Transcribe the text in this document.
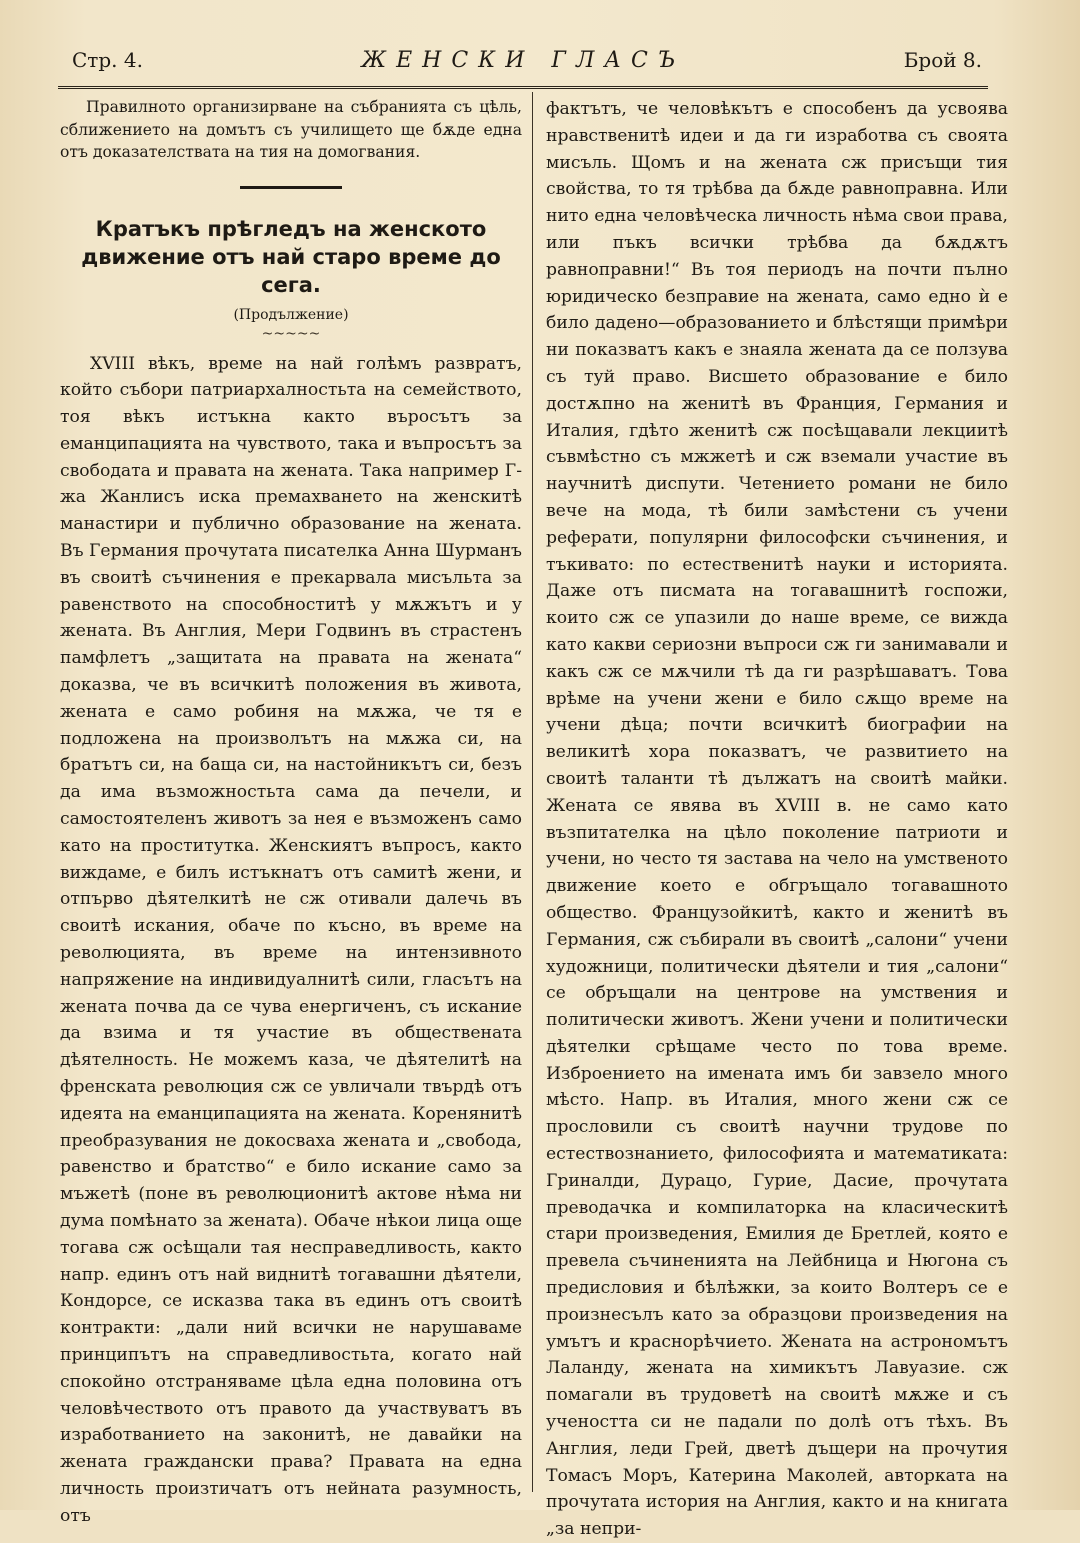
Стр. 4.	ЖЕНСКИ ГЛАСЪ	Брой 8.

Правилното организирване на събранията съ цѣль, сближението на домътъ съ училището ще бѫде една отъ доказателствата на тия на домогвания.

Кратъкъ прѣгледъ на женското движение отъ най старо време до сега.

(Продължение)

~~~~~

XVIII вѣкъ, време на най голѣмъ развратъ, който събори патриархалностьта на семейството, тоя вѣкъ истъкна както въросътъ за еманципацията на чувството, така и въпросътъ за свободата и правата на жената. Така например Г-жа Жанлисъ иска премахването на женскитѣ манастири и публично образование на жената. Въ Германия прочутата писателка Анна Шурманъ въ своитѣ съчинения е прекарвала мисъльта за равенството на способноститѣ у мѫжътъ и у жената. Въ Англия, Мери Годвинъ въ страстенъ памфлетъ „защитата на правата на жената“ доказва, че въ всичкитѣ положения въ живота, жената е само робиня на мѫжа, че тя е подложена на произволътъ на мѫжа си, на братътъ си, на баща си, на настойникътъ си, безъ да има възможностьта сама да печели, и самостоятеленъ животъ за нея е възможенъ само като на проститутка. Женскиятъ въпросъ, както виждаме, е билъ истъкнатъ отъ самитѣ жени, и отпърво дѣятелкитѣ не сж отивали далечь въ своитѣ искания, обаче по късно, въ време на революцията, въ време на интензивното напряжение на индивидуалнитѣ сили, гласътъ на жената почва да се чува енергиченъ, съ искание да взима и тя участие въ обществената дѣятелность. Не можемъ каза, че дѣятелитѣ на френската революция сж се увличали твърдѣ отъ идеята на еманципацията на жената. Коренянитѣ преобразувания не докосваха жената и „свобода, равенство и братство“ е било искание само за мъжетѣ (поне въ революционитѣ актове нѣма ни дума помѣнато за жената). Обаче нѣкои лица още тогава сж осѣщали тая несправедливость, както напр. единъ отъ най виднитѣ тогавашни дѣятели, Кондорсе, се исказва така въ единъ отъ своитѣ контракти: „дали ний всички не нарушаваме принципътъ на справедливостьта, когато най спокойно отстраняваме цѣла една половина отъ человѣчеството отъ правото да участвуватъ въ изработванието на законитѣ, не давайки на жената граждански права? Правата на една личность произтичатъ отъ нейната разумность, отъ

фактътъ, че человѣкътъ е способенъ да усвоява нравственитѣ идеи и да ги изработва съ своята мисъль. Щомъ и на жената сж присъщи тия свойства, то тя трѣбва да бѫде равноправна. Или нито една человѣческа личность нѣма свои права, или пъкъ всички трѣбва да бѫдѫтъ равноправни!“ Въ тоя периодъ на почти пълно юридическо безправие на жената, само едно ѝ е било дадено—образованието и блѣстящи примѣри ни показватъ какъ е знаяла жената да се ползува съ туй право. Висшето образование е било достѫпно на женитѣ въ Франция, Германия и Италия, гдѣто женитѣ сж посѣщавали лекциитѣ съвмѣстно съ мжжетѣ и сж вземали участие въ научнитѣ диспути. Четението романи не било вече на мода, тѣ били замѣстени съ учени реферати, популярни философски съчинения, и тъкивато: по естественитѣ науки и историята. Даже отъ писмата на тогавашнитѣ госпожи, които сж се упазили до наше време, се вижда като какви сериозни въпроси сж ги занимавали и какъ сж се мѫчили тѣ да ги разрѣшаватъ. Това врѣме на учени жени е било сѫщо време на учени дѣца; почти всичкитѣ биографии на великитѣ хора показватъ, че развитието на своитѣ таланти тѣ дължатъ на своитѣ майки. Жената се явява въ XVIII в. не само като възпитателка на цѣло поколение патриоти и учени, но често тя застава на чело на умственото движение което е обгръщало тогавашното общество. Французойкитѣ, както и женитѣ въ Германия, сж събирали въ своитѣ „салони“ учени художници, политически дѣятели и тия „салони“ се обръщали на центрове на умствения и политически животъ. Жени учени и политически дѣятелки срѣщаме често по това време. Изброението на имената имъ би завзело много мѣсто. Напр. въ Италия, много жени сж се прословили съ своитѣ научни трудове по естествознанието, философията и математиката: Гриналди, Дурацо, Гурие, Дасие, прочутата преводачка и компилаторка на класическитѣ стари произведения, Емилия де Бретлей, която е превела съчиненията на Лейбница и Нюгона съ предисловия и бѣлѣжки, за които Волтеръ се е произнесълъ като за образцови произведения на умътъ и краснорѣчието. Жената на астрономътъ Лаланду, жената на химикътъ Лавуазие. сж помагали въ трудоветѣ на своитѣ мѫже и съ учеността си не падали по долѣ отъ тѣхъ. Въ Англия, леди Грей, дветѣ дъщери на прочутия Томасъ Моръ, Катерина Маколей, авторката на прочутата история на Англия, както и на книгата „за непри-
